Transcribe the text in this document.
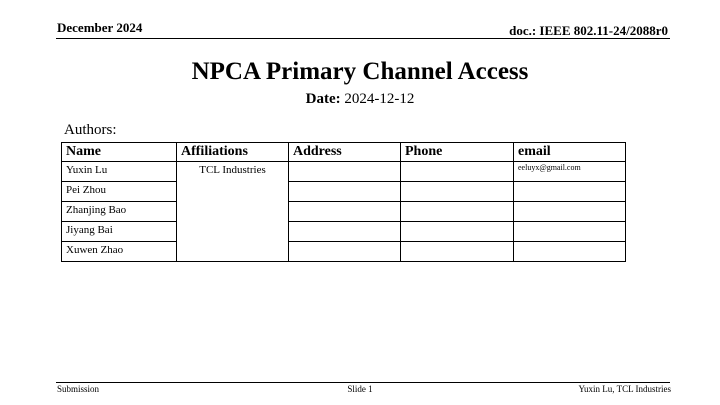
December 2024	doc.: IEEE 802.11-24/2088r0
NPCA Primary Channel Access
Date: 2024-12-12
Authors:
Name	Affiliations	Address	Phone	email
Yuxin Lu	TCL Industries			eeluyx@gmail.com
Pei Zhou				
Zhanjing Bao				
Jiyang Bai				
Xuwen Zhao				
Submission	Slide 1	Yuxin Lu, TCL Industries
